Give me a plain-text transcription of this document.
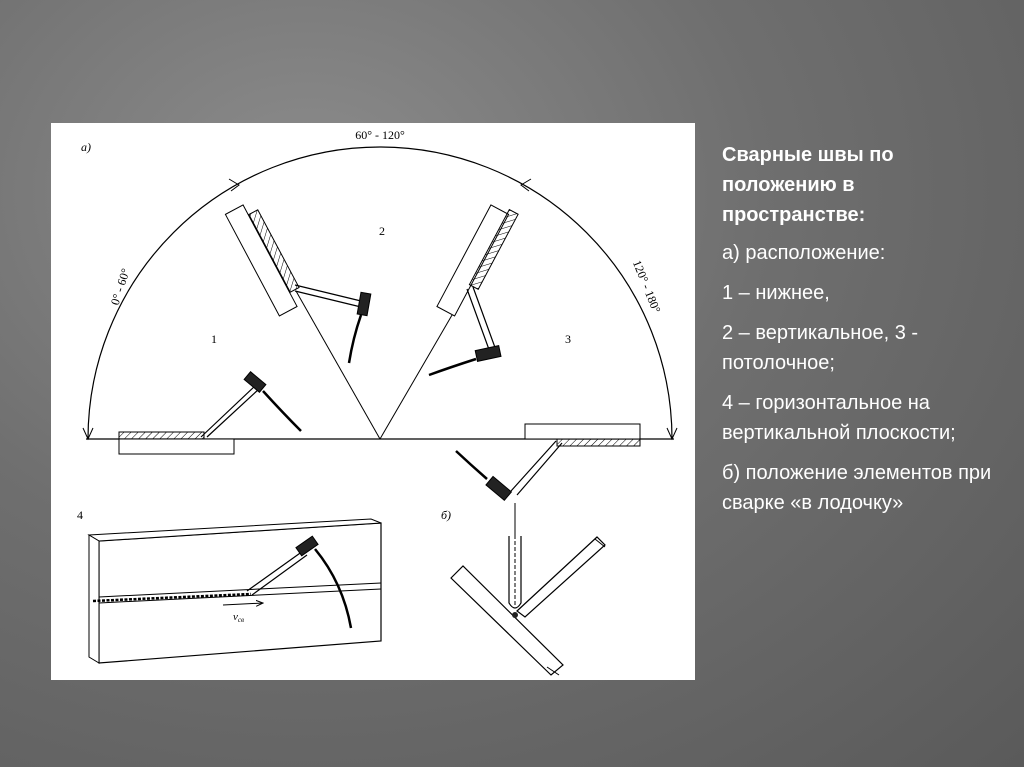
a)
60° - 120°
0° - 60°	120° - 180°
1
2
3
4
vсв
б)
Сварные швы по положению в пространстве:
а) расположение:
1 – нижнее,
2 – вертикальное, 3 - потолочное;
4 – горизонтальное на вертикальной плоскости;
б) положение элементов при сварке «в лодочку»
